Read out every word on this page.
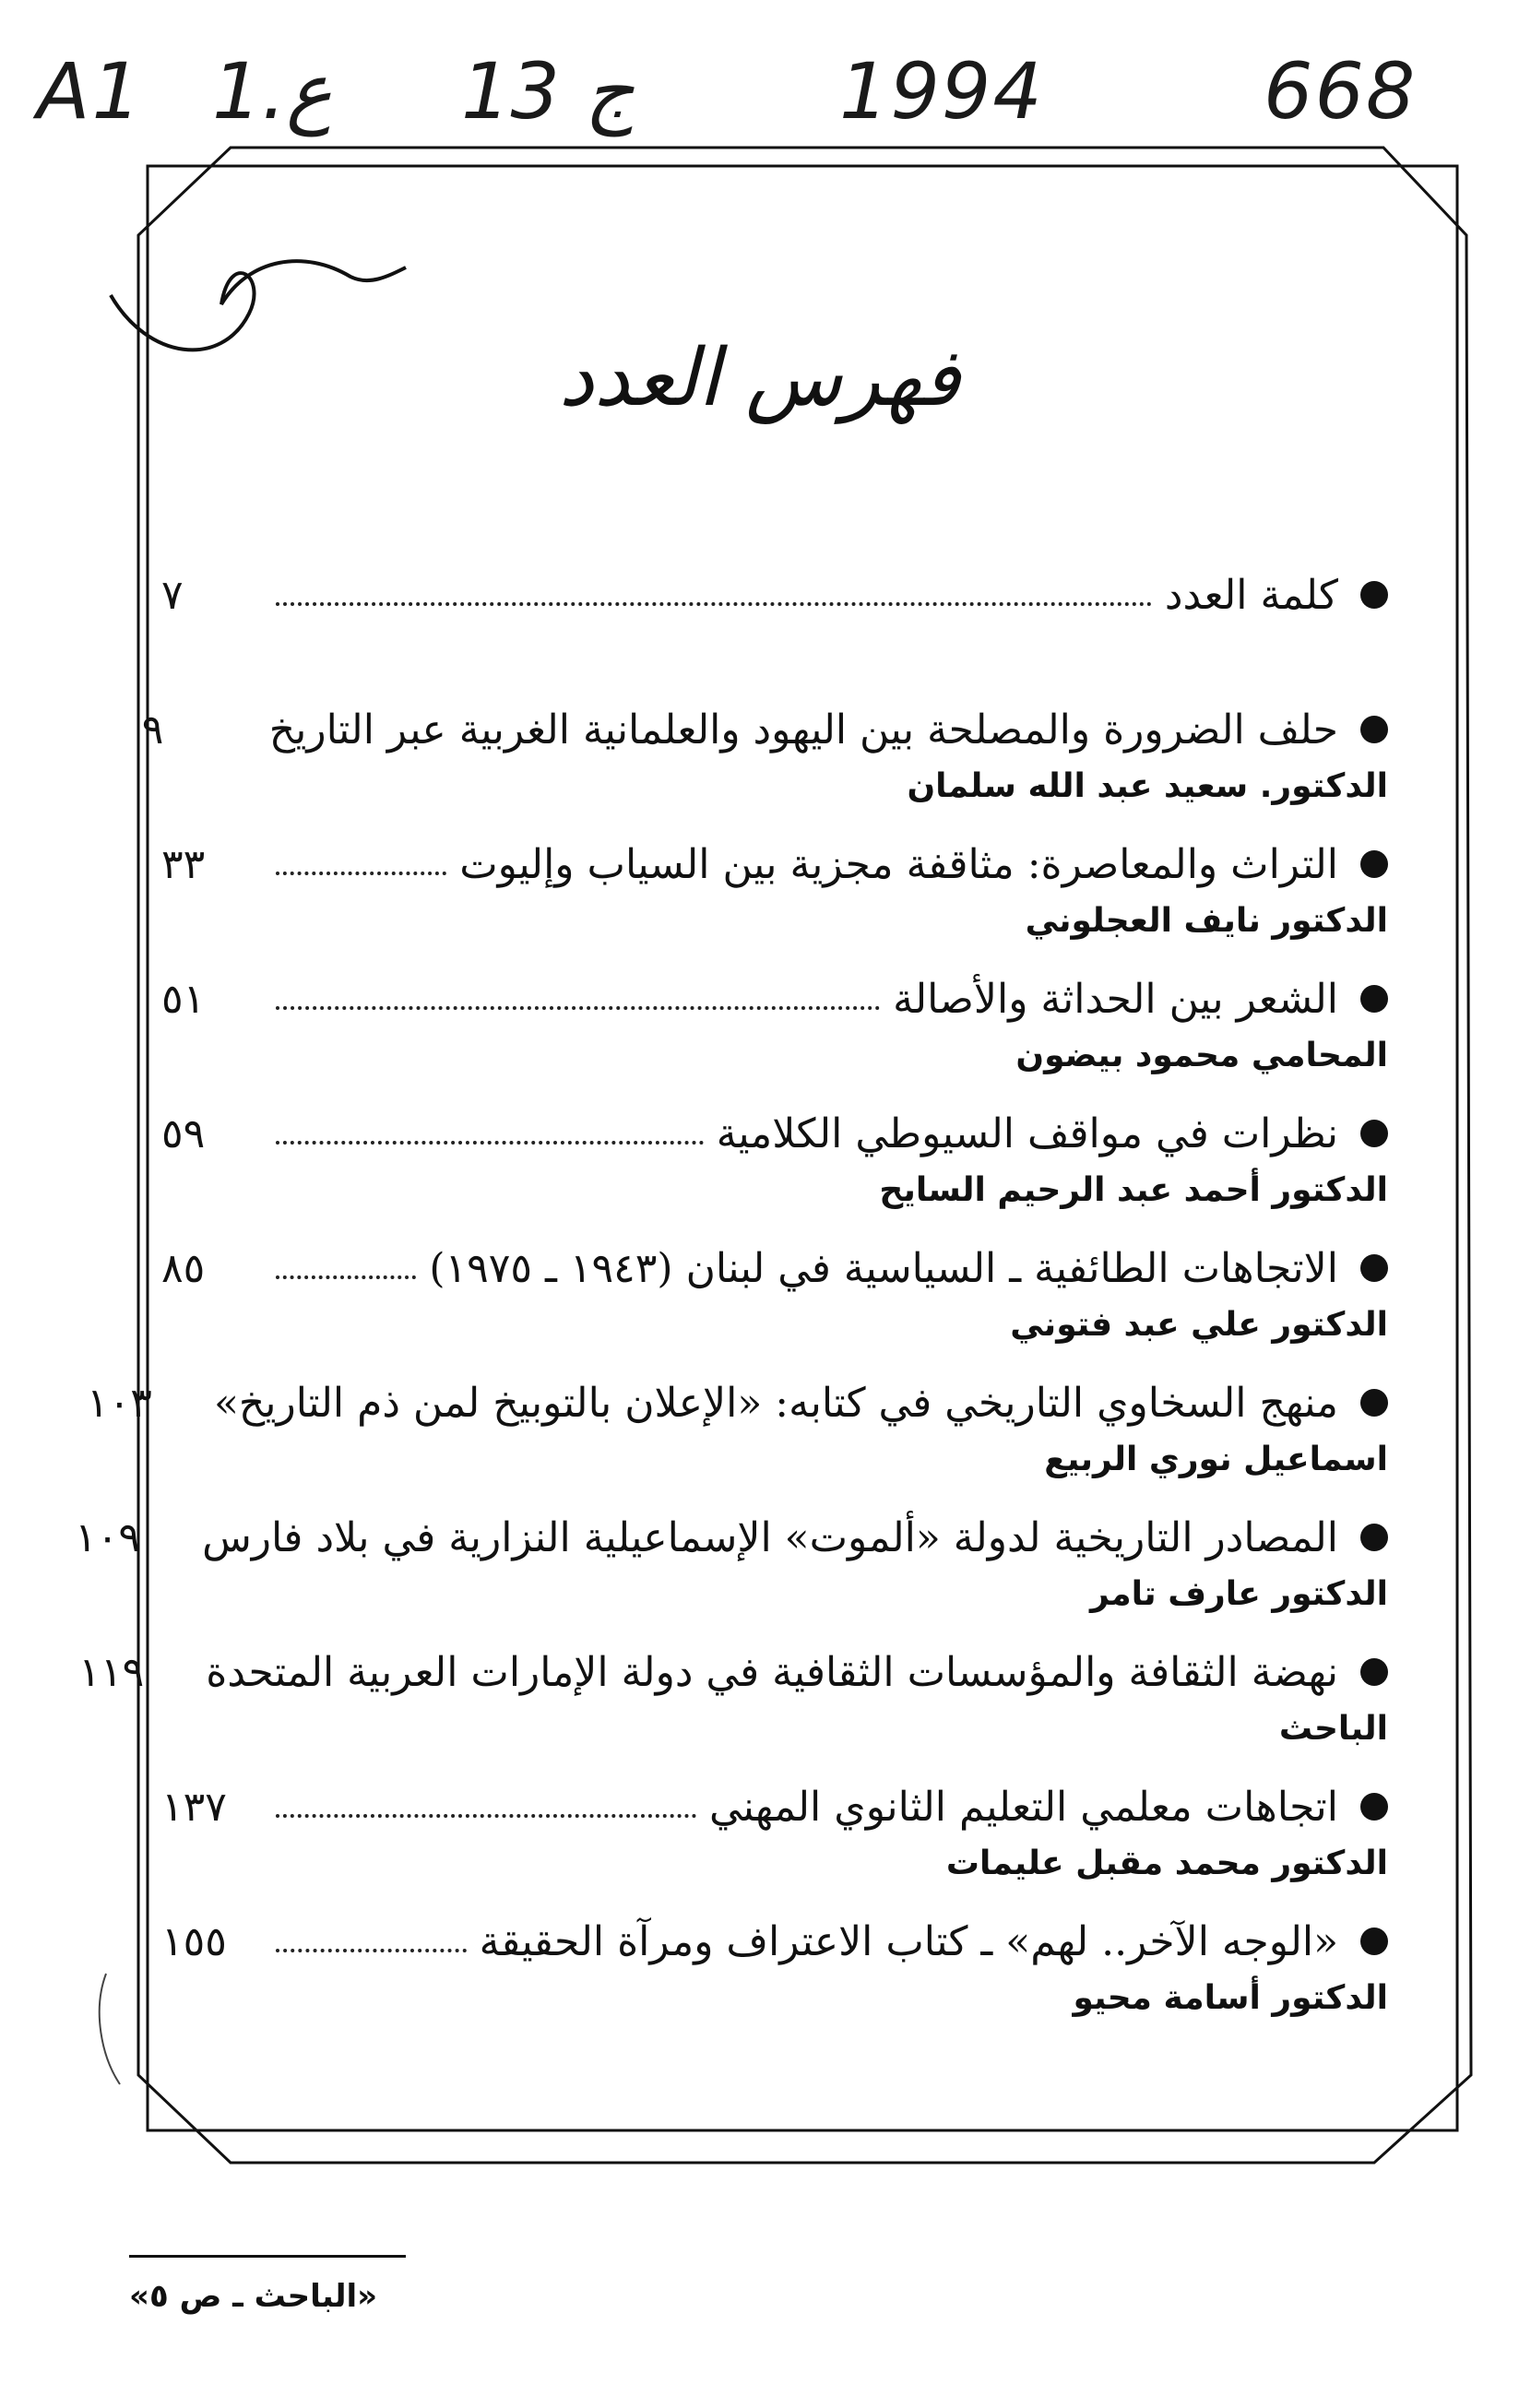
A1 1.ع 13 ج	1994	668
فهرس العدد
كلمة العدد
٧
حلف الضرورة والمصلحة بين اليهود والعلمانية الغربية عبر التاريخ
٩
الدكتور. سعيد عبد الله سلمان
التراث والمعاصرة: مثاقفة مجزية بين السياب وإليوت
٣٣
الدكتور نايف العجلوني
الشعر بين الحداثة والأصالة
٥١
المحامي محمود بيضون
نظرات في مواقف السيوطي الكلامية
٥٩
الدكتور أحمد عبد الرحيم السايح
الاتجاهات الطائفية ـ السياسية في لبنان (١٩٤٣ ـ ١٩٧٥)
٨٥
الدكتور علي عبد فتوني
منهج السخاوي التاريخي في كتابه: «الإعلان بالتوبيخ لمن ذم التاريخ»
١٠٣
اسماعيل نوري الربيع
المصادر التاريخية لدولة «ألموت» الإسماعيلية النزارية في بلاد فارس
١٠٩
الدكتور عارف تامر
نهضة الثقافة والمؤسسات الثقافية في دولة الإمارات العربية المتحدة
١١٩
الباحث
اتجاهات معلمي التعليم الثانوي المهني
١٣٧
الدكتور محمد مقبل عليمات
«الوجه الآخر.. لهم» ـ كتاب الاعتراف ومرآة الحقيقة
١٥٥
الدكتور أسامة محيو
«الباحث ـ ص ٥»
